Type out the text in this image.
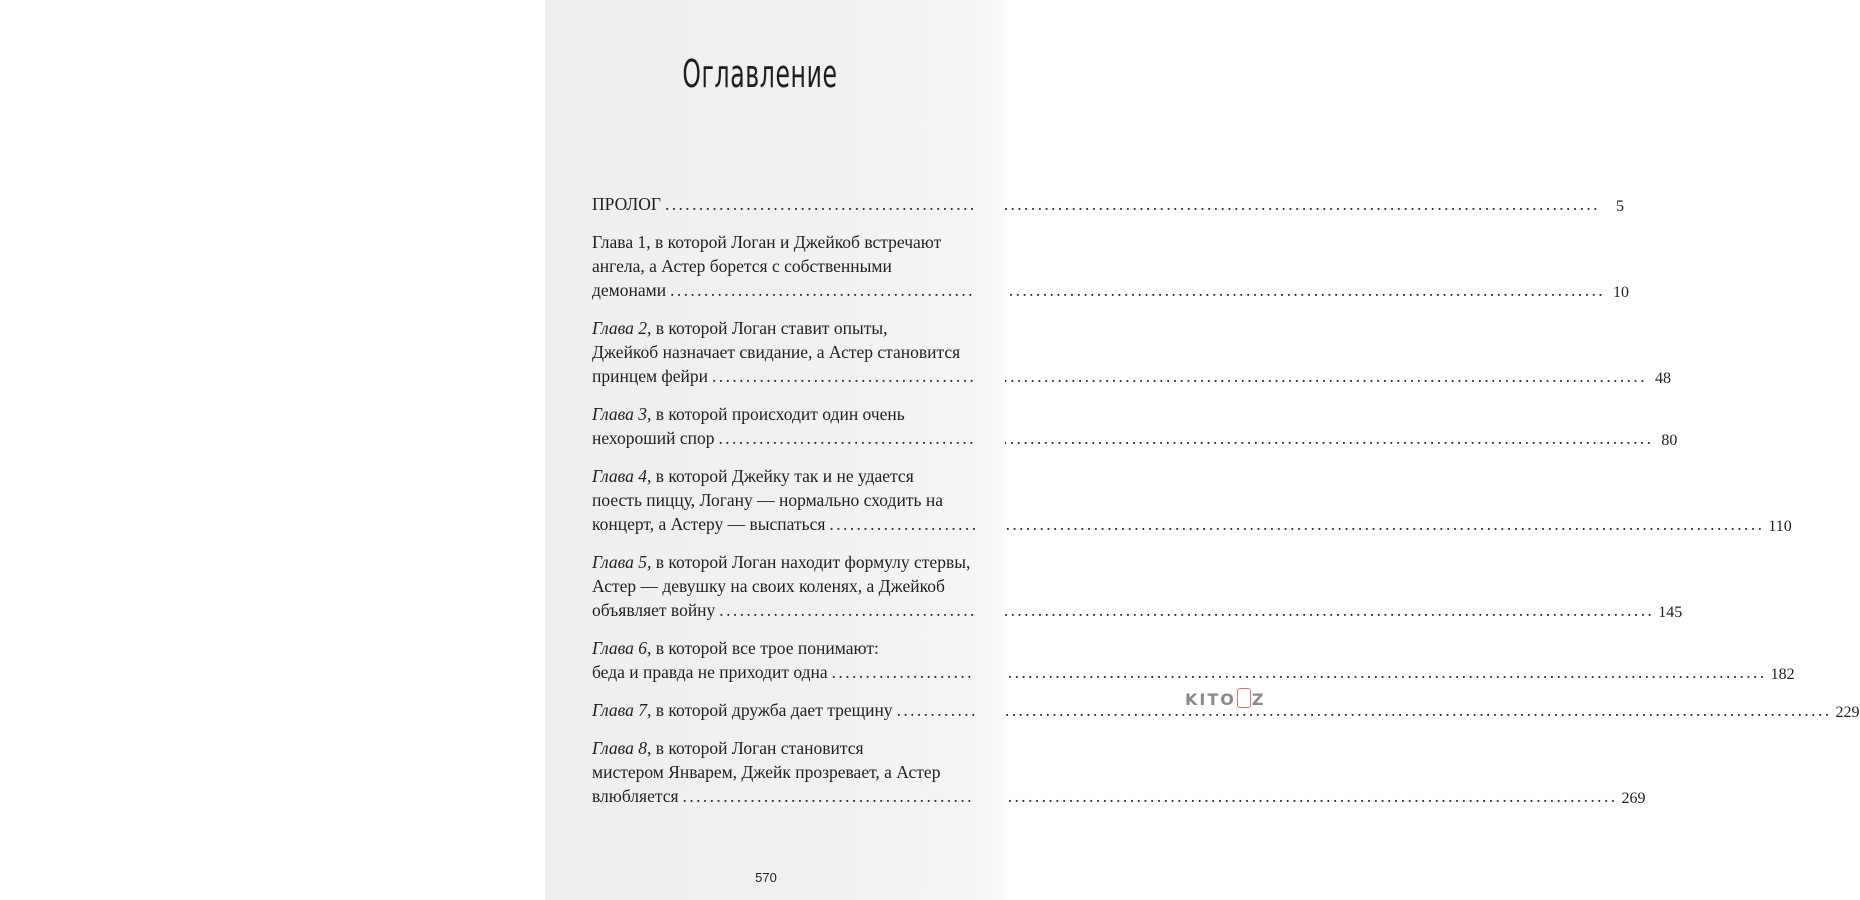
Оглавление
ПРОЛОГ .....	5
Глава 1, в которой Логан и Джейкоб встречают
ангела, а Астер борется с собственными
демонами .....	10
Глава 2, в которой Логан ставит опыты,
Джейкоб назначает свидание, а Астер становится
принцем фейри .....	48
Глава 3, в которой происходит один очень
нехороший спор .....	80
Глава 4, в которой Джейку так и не удается
поесть пиццу, Логану — нормально сходить на
концерт, а Астеру — выспаться .....	110
Глава 5, в которой Логан находит формулу стервы,
Астер — девушку на своих коленях, а Джейкоб
объявляет войну .....	145
Глава 6, в которой все трое понимают:
беда и правда не приходит одна .....	182
Глава 7, в которой дружба дает трещину .....	229
Глава 8, в которой Логан становится
мистером Январем, Джейк прозревает, а Астер
влюбляется .....	269
570
KITO Z
